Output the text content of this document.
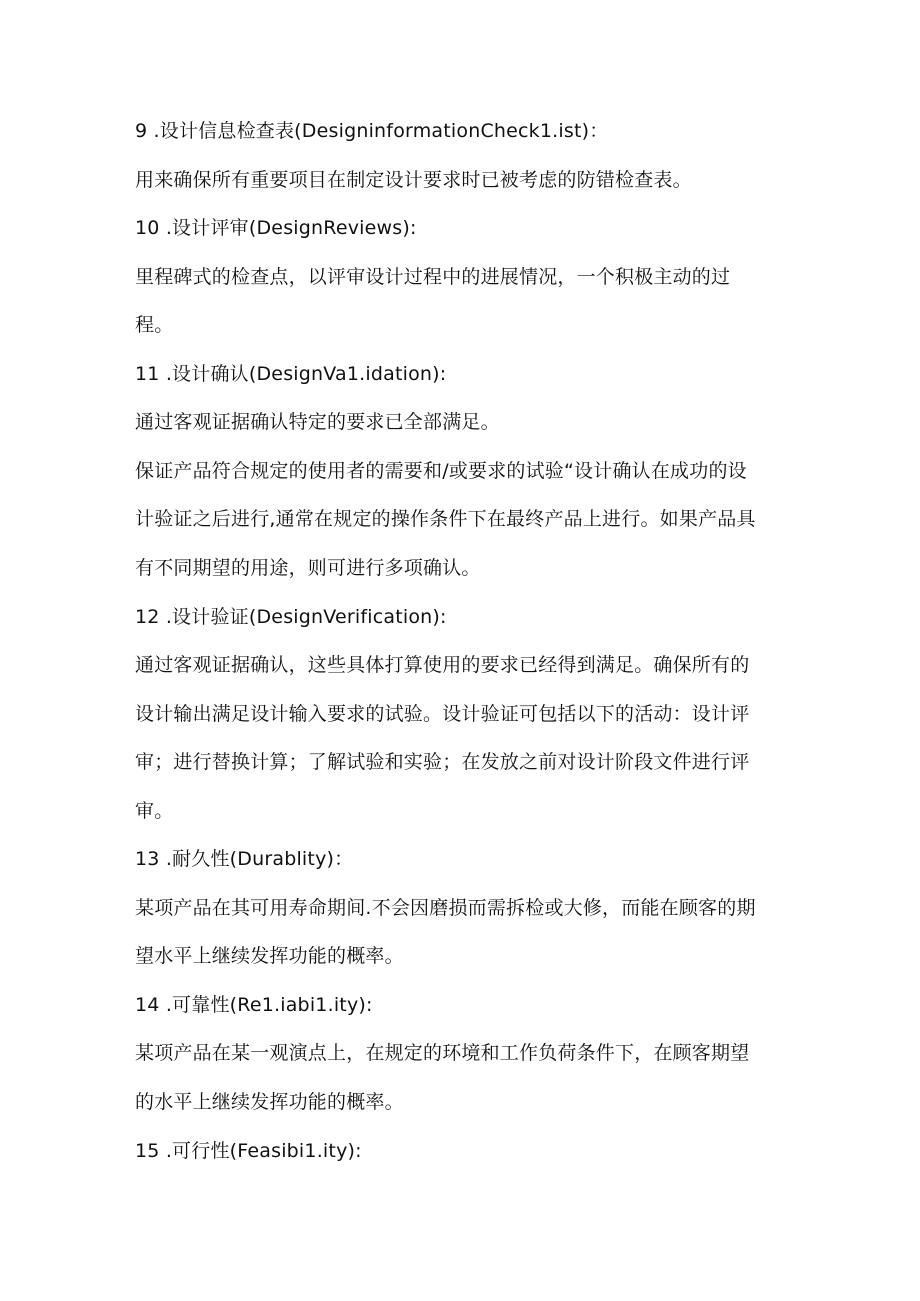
9 .设计信息检查表(DesigninformationCheck1.ist)：
用来确保所有重要项目在制定设计要求时已被考虑的防错检查表。
10 .设计评审(DesignReviews):
里程碑式的检查点，以评审设计过程中的进展情况，一个积极主动的过
程。
11 .设计确认(DesignVa1.idation):
通过客观证据确认特定的要求已全部满足。
保证产品符合规定的使用者的需要和/或要求的试验“设计确认在成功的设
计验证之后进行,通常在规定的操作条件下在最终产品上进行。如果产品具
有不同期望的用途，则可进行多项确认。
12 .设计验证(DesignVerification):
通过客观证据确认，这些具体打算使用的要求已经得到满足。确保所有的
设计输出满足设计输入要求的试验。设计验证可包括以下的活动：设计评
审；进行替换计算；了解试验和实验；在发放之前对设计阶段文件进行评
审。
13 .耐久性(Durablity)：
某项产品在其可用寿命期间.不会因磨损而需拆检或大修，而能在顾客的期
望水平上继续发挥功能的概率。
14 .可靠性(Re1.iabi1.ity):
某项产品在某一观演点上，在规定的环境和工作负荷条件下，在顾客期望
的水平上继续发挥功能的概率。
15 .可行性(Feasibi1.ity):
